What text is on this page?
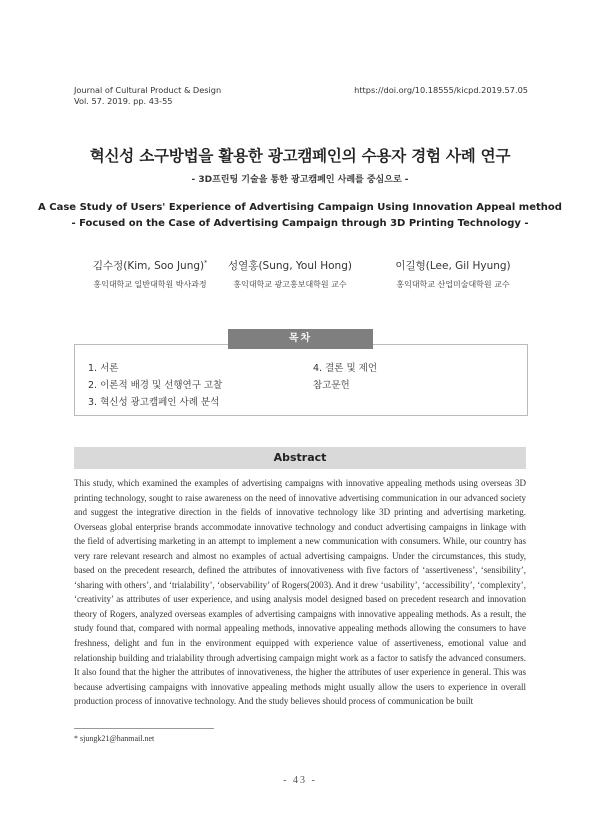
Journal of Cultural Product & Design
Vol. 57. 2019. pp. 43-55
https://doi.org/10.18555/kicpd.2019.57.05
혁신성 소구방법을 활용한 광고캠페인의 수용자 경험 사례 연구
- 3D프린팅 기술을 통한 광고캠페인 사례를 중심으로 -
A Case Study of Users' Experience of Advertising Campaign Using Innovation Appeal method
- Focused on the Case of Advertising Campaign through 3D Printing Technology -
김수정(Kim, Soo Jung)*
홍익대학교 일반대학원 박사과정
성열홍(Sung, Youl Hong)
홍익대학교 광고홍보대학원 교수
이길형(Lee, Gil Hyung)
홍익대학교 산업미술대학원 교수
목차
1. 서론
2. 이론적 배경 및 선행연구 고찰
3. 혁신성 광고캠페인 사례 분석
4. 결론 및 제언
참고문헌
Abstract
This study, which examined the examples of advertising campaigns with innovative appealing methods using overseas 3D printing technology, sought to raise awareness on the need of innovative advertising communication in our advanced society and suggest the integrative direction in the fields of innovative technology like 3D printing and advertising marketing. Overseas global enterprise brands accommodate innovative technology and conduct advertising campaigns in linkage with the field of advertising marketing in an attempt to implement a new communication with consumers. While, our country has very rare relevant research and almost no examples of actual advertising campaigns. Under the circumstances, this study, based on the precedent research, defined the attributes of innovativeness with five factors of ‘assertiveness’, ‘sensibility’, ‘sharing with others’, and ‘trialability’, ‘observability’ of Rogers(2003). And it drew ‘usability’, ‘accessibility’, ‘complexity’, ‘creativity’ as attributes of user experience, and using analysis model designed based on precedent research and innovation theory of Rogers, analyzed overseas examples of advertising campaigns with innovative appealing methods. As a result, the study found that, compared with normal appealing methods, innovative appealing methods allowing the consumers to have freshness, delight and fun in the environment equipped with experience value of assertiveness, emotional value and relationship building and trialability through advertising campaign might work as a factor to satisfy the advanced consumers. It also found that the higher the attributes of innovativeness, the higher the attributes of user experience in general. This was because advertising campaigns with innovative appealing methods might usually allow the users to experience in overall production process of innovative technology. And the study believes should process of communication be built
* sjungk21@hanmail.net
- 43 -
